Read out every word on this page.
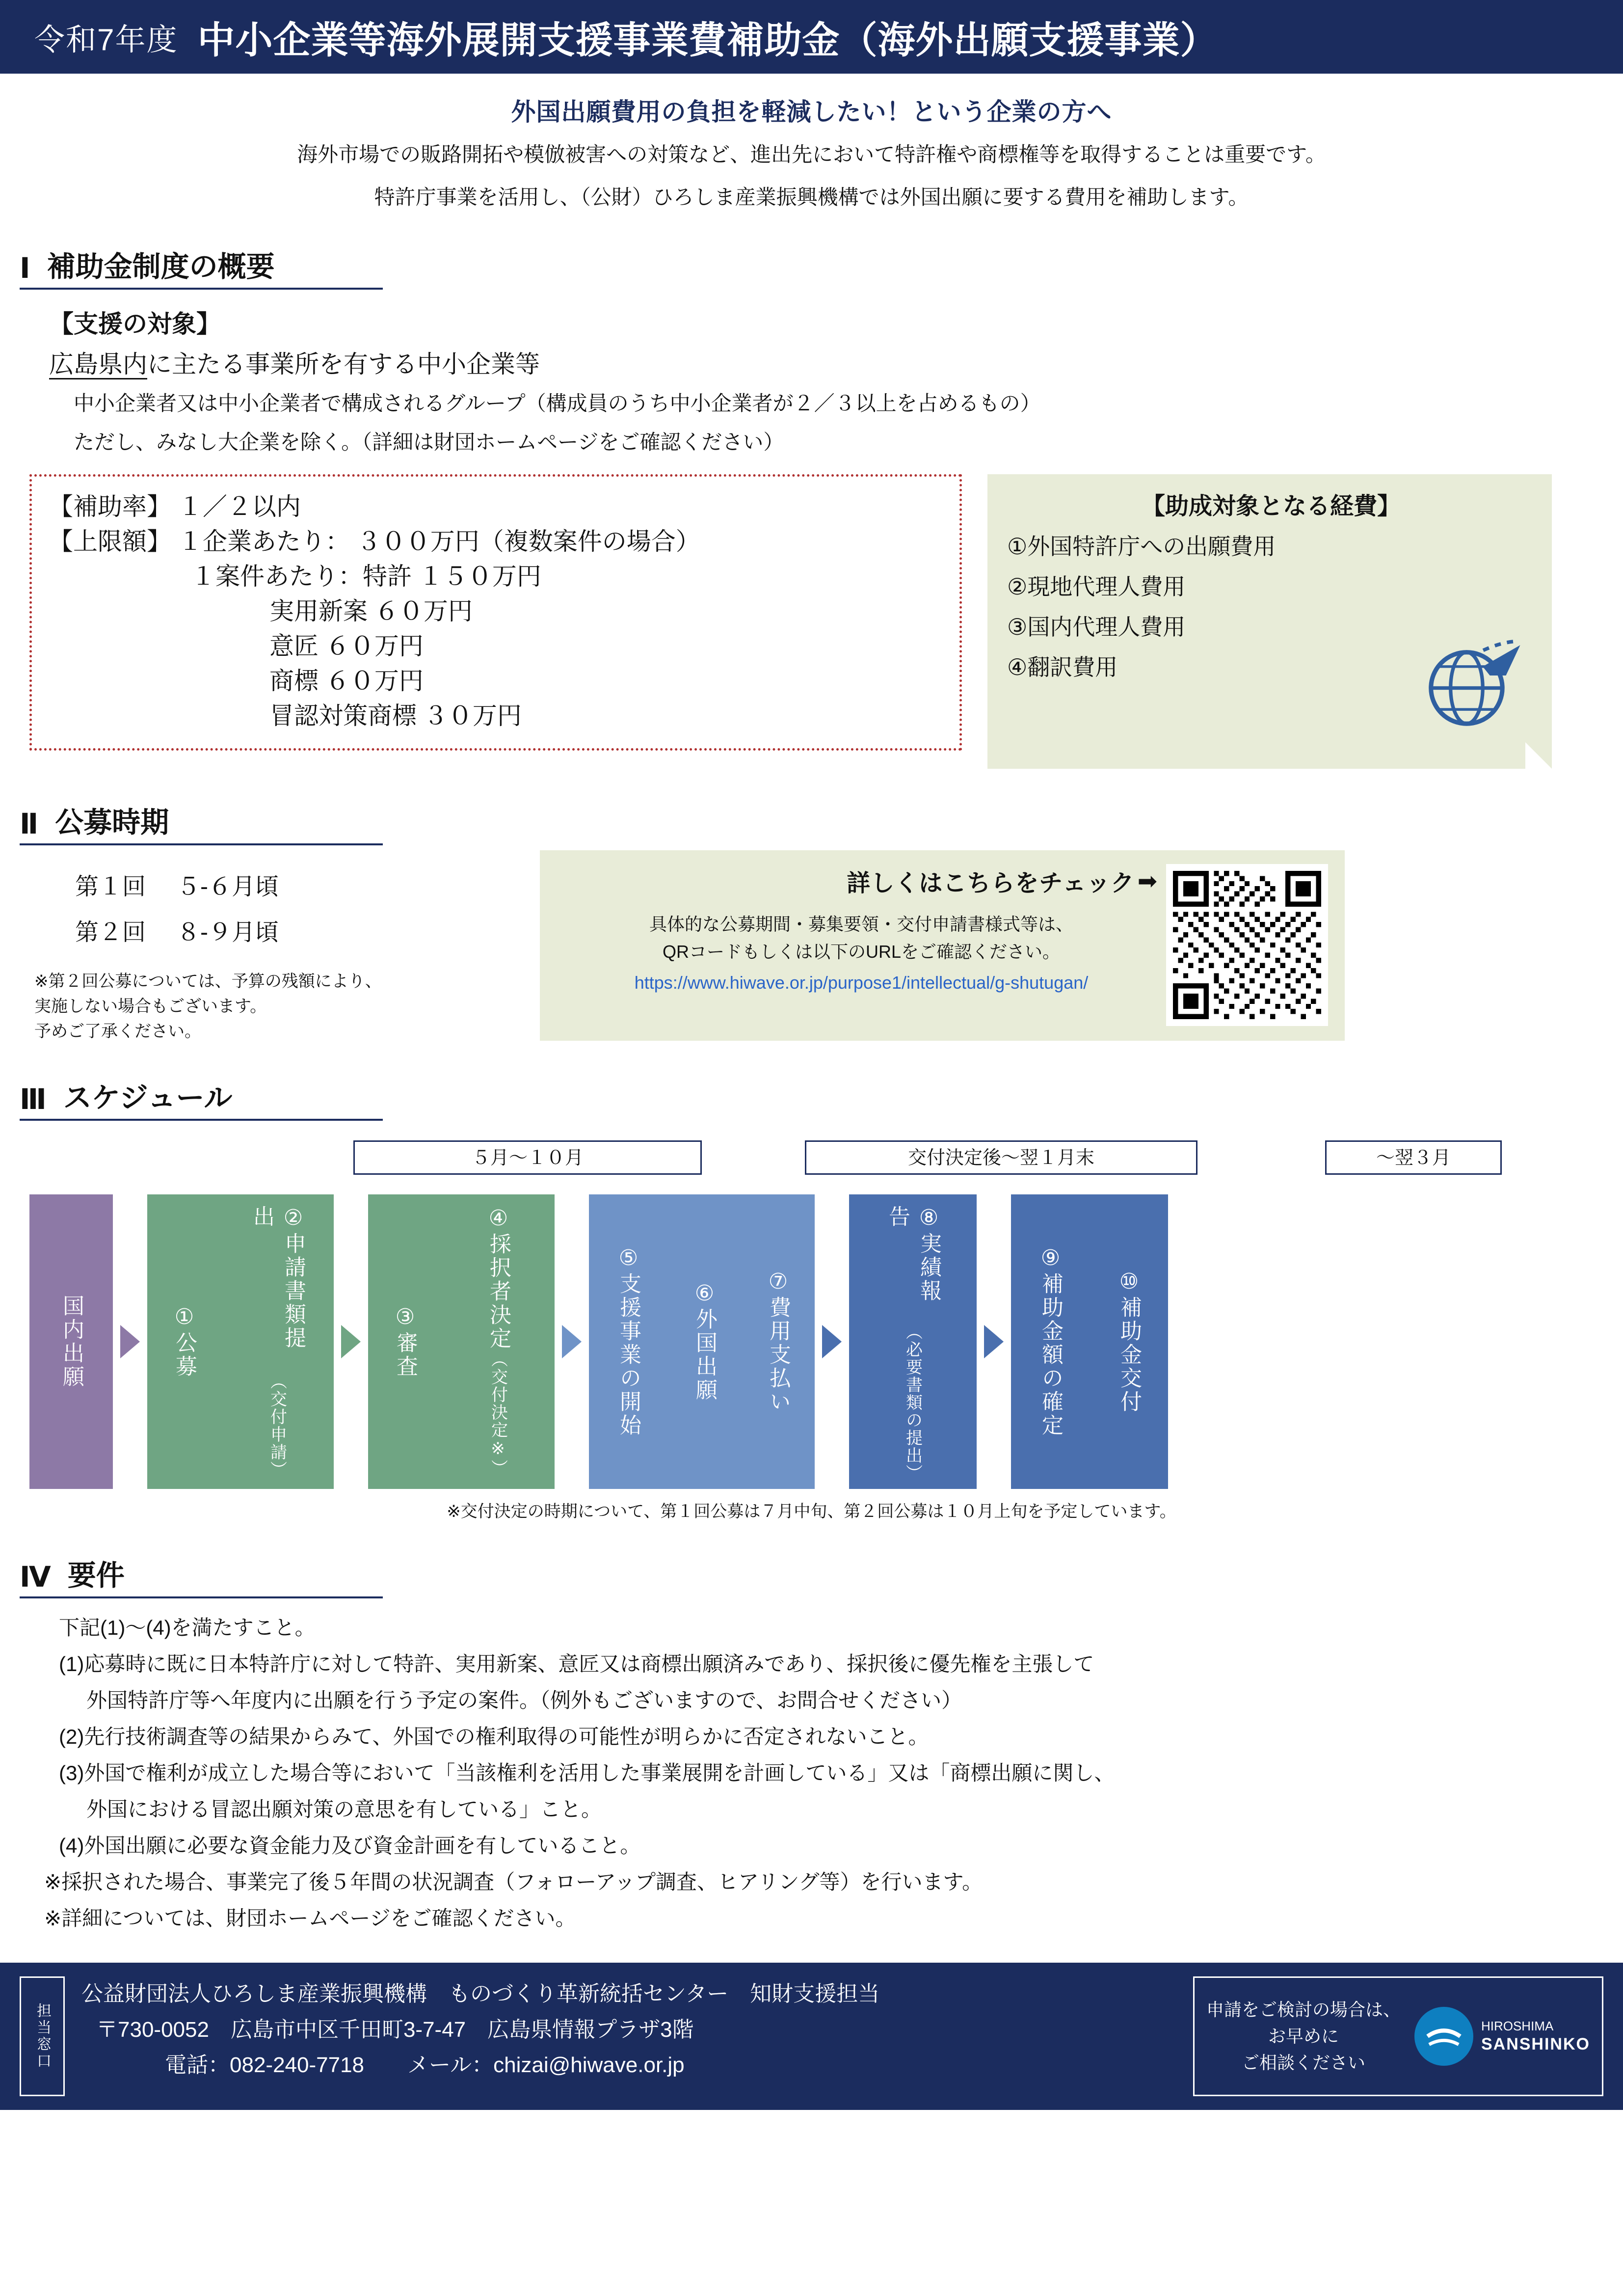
令和7年度 中小企業等海外展開支援事業費補助金（海外出願支援事業）
外国出願費用の負担を軽減したい！という企業の方へ

海外市場での販路開拓や模倣被害への対策など、進出先において特許権や商標権等を取得することは重要です。

特許庁事業を活用し、（公財）ひろしま産業振興機構では外国出願に要する費用を補助します。

Ⅰ 補助金制度の概要
【支援の対象】
広島県内に主たる事業所を有する中小企業等
中小企業者又は中小企業者で構成されるグループ（構成員のうち中小企業者が２／３以上を占めるもの）
ただし、みなし大企業を除く。（詳細は財団ホームページをご確認ください）
【補助率】 １／２以内
【上限額】 １企業あたり： ３００万円（複数案件の場合）
１案件あたり：特許 １５０万円
実用新案 ６０万円
意匠 ６０万円
商標 ６０万円
冒認対策商標 ３０万円
【助成対象となる経費】
①外国特許庁への出願費用
②現地代理人費用
③国内代理人費用
④翻訳費用
Ⅱ 公募時期
第１回	５-６月頃
第２回	８-９月頃
※第２回公募については、予算の残額により、
実施しない場合もございます。
予めご了承ください。
詳しくはこちらをチェック ➡

具体的な公募期間・募集要領・交付申請書様式等は、

QRコードもしくは以下のURLをご確認ください。

https://www.hiwave.or.jp/purpose1/intellectual/g-shutugan/
Ⅲ スケジュール
５月～１０月	交付決定後～翌１月末	～翌３月
国内出願	①公募
（交付申請）
②申請書類提出
③審査
（交付決定※）
④採択者決定	⑤支援事業の開始	⑥外国出願	⑦費用支払い	（必要書類の提出）
⑧実績報告
⑨補助金額の確定	⑩補助金交付
※交付決定の時期について、第１回公募は７月中旬、第２回公募は１０月上旬を予定しています。
Ⅳ 要件
下記(1)～(4)を満たすこと。
(1)応募時に既に日本特許庁に対して特許、実用新案、意匠又は商標出願済みであり、採択後に優先権を主張して
外国特許庁等へ年度内に出願を行う予定の案件。（例外もございますので、お問合せください）
(2)先行技術調査等の結果からみて、外国での権利取得の可能性が明らかに否定されないこと。
(3)外国で権利が成立した場合等において「当該権利を活用した事業展開を計画している」又は「商標出願に関し、
外国における冒認出願対策の意思を有している」こと。
(4)外国出願に必要な資金能力及び資金計画を有していること。
※採択された場合、事業完了後５年間の状況調査（フォローアップ調査、ヒアリング等）を行います。
※詳細については、財団ホームページをご確認ください。
担当窓口
公益財団法人ひろしま産業振興機構　ものづくり革新統括センター　知財支援担当
〒730-0052　広島市中区千田町3-7-47　広島県情報プラザ3階
電話：082-240-7718　　メール：chizai@hiwave.or.jp
申請をご検討の場合は、
お早めに
ご相談ください
HIROSHIMA
SANSHINKO
